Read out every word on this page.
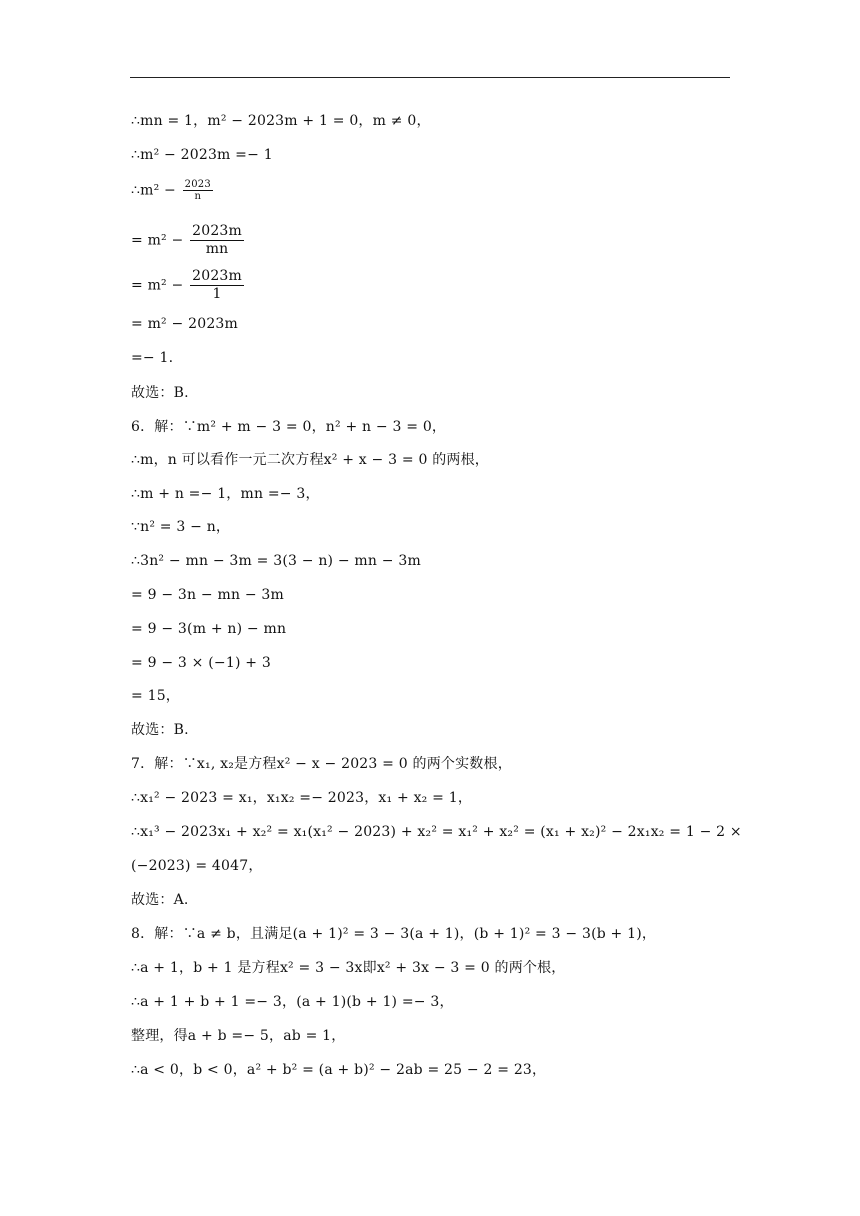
∴mn = 1，m² − 2023m + 1 = 0，m ≠ 0，
∴m² − 2023m =− 1
∴m² − $\frac{2023}{n}$
= $m^2 - \frac{2023m}{mn}$
= $m^2 - \frac{2023m}{1}$
= m² − 2023m
=− 1.
故选：B.
6．解：∵m² + m − 3 = 0，n² + n − 3 = 0，
∴m，n 可以看作一元二次方程x² + x − 3 = 0 的两根，
∴m + n =− 1，mn =− 3，
∵n² = 3 − n，
∴3n² − mn − 3m = 3(3 − n) − mn − 3m
= 9 − 3n − mn − 3m
= 9 − 3(m + n) − mn
= 9 − 3 × (−1) + 3
= 15，
故选：B.
7．解：∵x₁, x₂是方程x² − x − 2023 = 0 的两个实数根，
∴x₁² − 2023 = x₁，x₁x₂ =− 2023，x₁ + x₂ = 1，
∴x₁³ − 2023x₁ + x₂² = x₁(x₁² − 2023) + x₂² = x₁² + x₂² = (x₁ + x₂)² − 2x₁x₂ = 1 − 2 ×
(−2023) = 4047，
故选：A.
8．解：∵a ≠ b，且满足(a + 1)² = 3 − 3(a + 1)，(b + 1)² = 3 − 3(b + 1)，
∴a + 1，b + 1 是方程x² = 3 − 3x即x² + 3x − 3 = 0 的两个根，
∴a + 1 + b + 1 =− 3，(a + 1)(b + 1) =− 3，
整理，得a + b =− 5，ab = 1，
∴a < 0，b < 0，a² + b² = (a + b)² − 2ab = 25 − 2 = 23，
